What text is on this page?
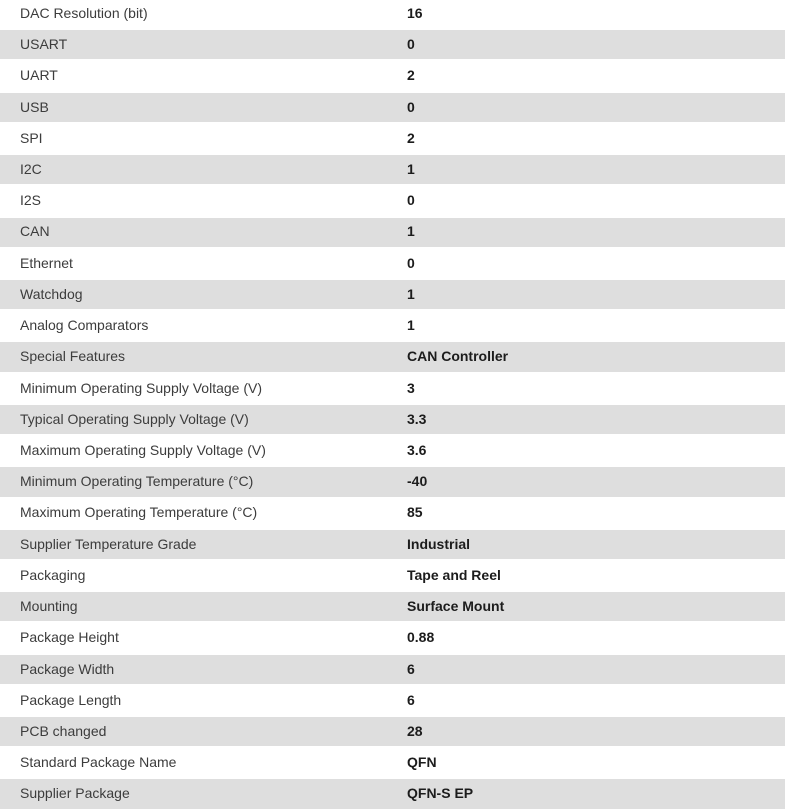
DAC Resolution (bit)	16
USART	0
UART	2
USB	0
SPI	2
I2C	1
I2S	0
CAN	1
Ethernet	0
Watchdog	1
Analog Comparators	1
Special Features	CAN Controller
Minimum Operating Supply Voltage (V)	3
Typical Operating Supply Voltage (V)	3.3
Maximum Operating Supply Voltage (V)	3.6
Minimum Operating Temperature (°C)	-40
Maximum Operating Temperature (°C)	85
Supplier Temperature Grade	Industrial
Packaging	Tape and Reel
Mounting	Surface Mount
Package Height	0.88
Package Width	6
Package Length	6
PCB changed	28
Standard Package Name	QFN
Supplier Package	QFN-S EP
